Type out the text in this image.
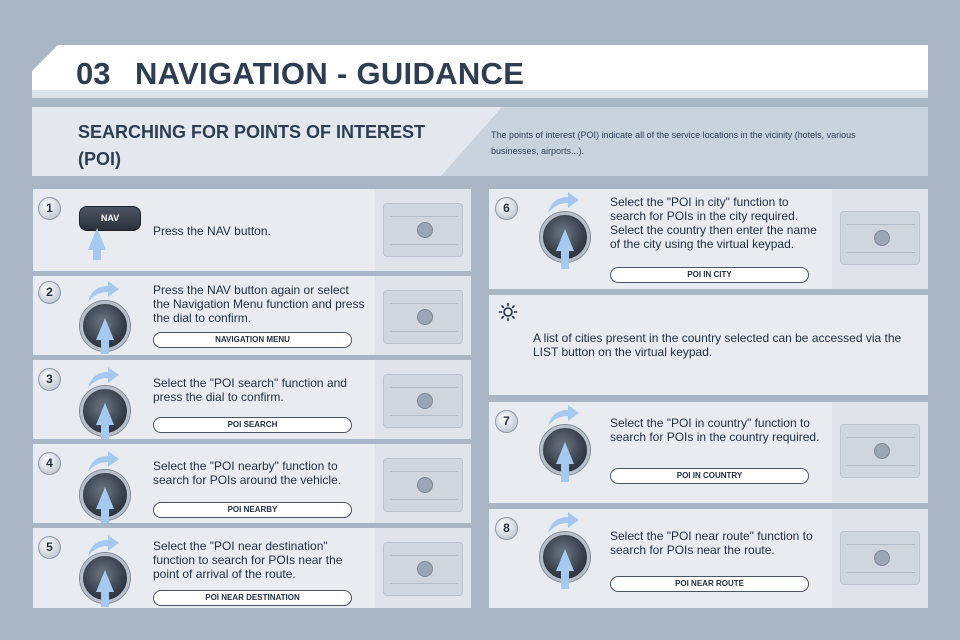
03 NAVIGATION - GUIDANCE
SEARCHING FOR POINTS OF INTEREST (POI)
The points of interest (POI) indicate all of the service locations in the vicinity (hotels, various businesses, airports...).
1
NAV
Press the NAV button.
2	Press the NAV button again or select the Navigation Menu function and press the dial to confirm.
NAVIGATION MENU
3	Select the "POI search" function and press the dial to confirm.
POI SEARCH
4	Select the "POI nearby" function to search for POIs around the vehicle.
POI NEARBY
5	Select the "POI near destination" function to search for POIs near the point of arrival of the route.
POI NEAR DESTINATION
6	Select the "POI in city" function to search for POIs in the city required. Select the country then enter the name of the city using the virtual keypad.
POI IN CITY
A list of cities present in the country selected can be accessed via the LIST button on the virtual keypad.
7	Select the "POI in country" function to search for POIs in the country required.
POI IN COUNTRY
8
Select the "POI near route" function to search for POIs near the route.
POI NEAR ROUTE
